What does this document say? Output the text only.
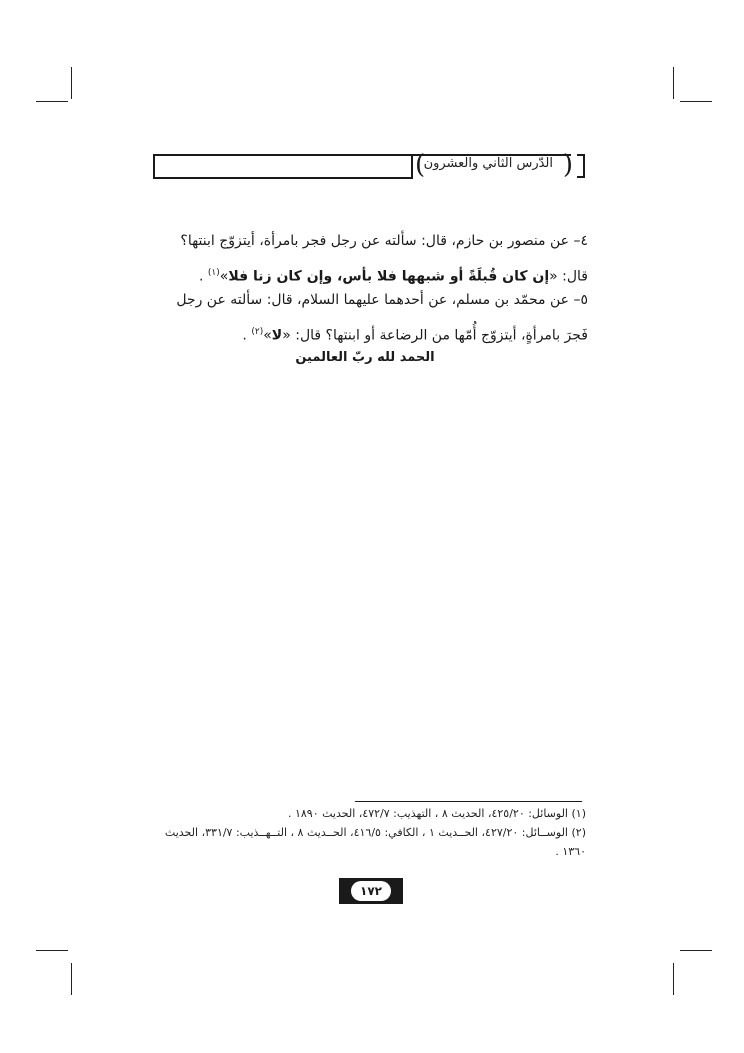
(
الدّرس الثاني والعشرون )
٤– عن منصور بن حازم، قال: سألته عن رجل فجر بامرأة، أيتزوّج ابنتها؟ قال: «إن كان قُبلَةً أو شبهها فلا بأس، وإن كان زنا فلا»$^{(١)}$ .
٥– عن محمّد بن مسلم، عن أحدهما عليهما السلام، قال: سألته عن رجل فَجرَ بامرأةٍ، أيتزوّج أُمّها من الرضاعة أو ابنتها؟ قال: «لا»$^{(٢)}$ .
الحمد لله ربّ العالمين
(١) الوسائل: ٤٢٥/٢٠، الحديث ٨ ، التهذيب: ٤٧٢/٧، الحديث ١٨٩٠ .
(٢) الوســائل: ٤٢٧/٢٠، الحــديث ١ ، الكافي: ٤١٦/٥، الحــديث ٨ ، التــهــذيب: ٣٣١/٧، الحديث ١٣٦٠ .
١٧٢
